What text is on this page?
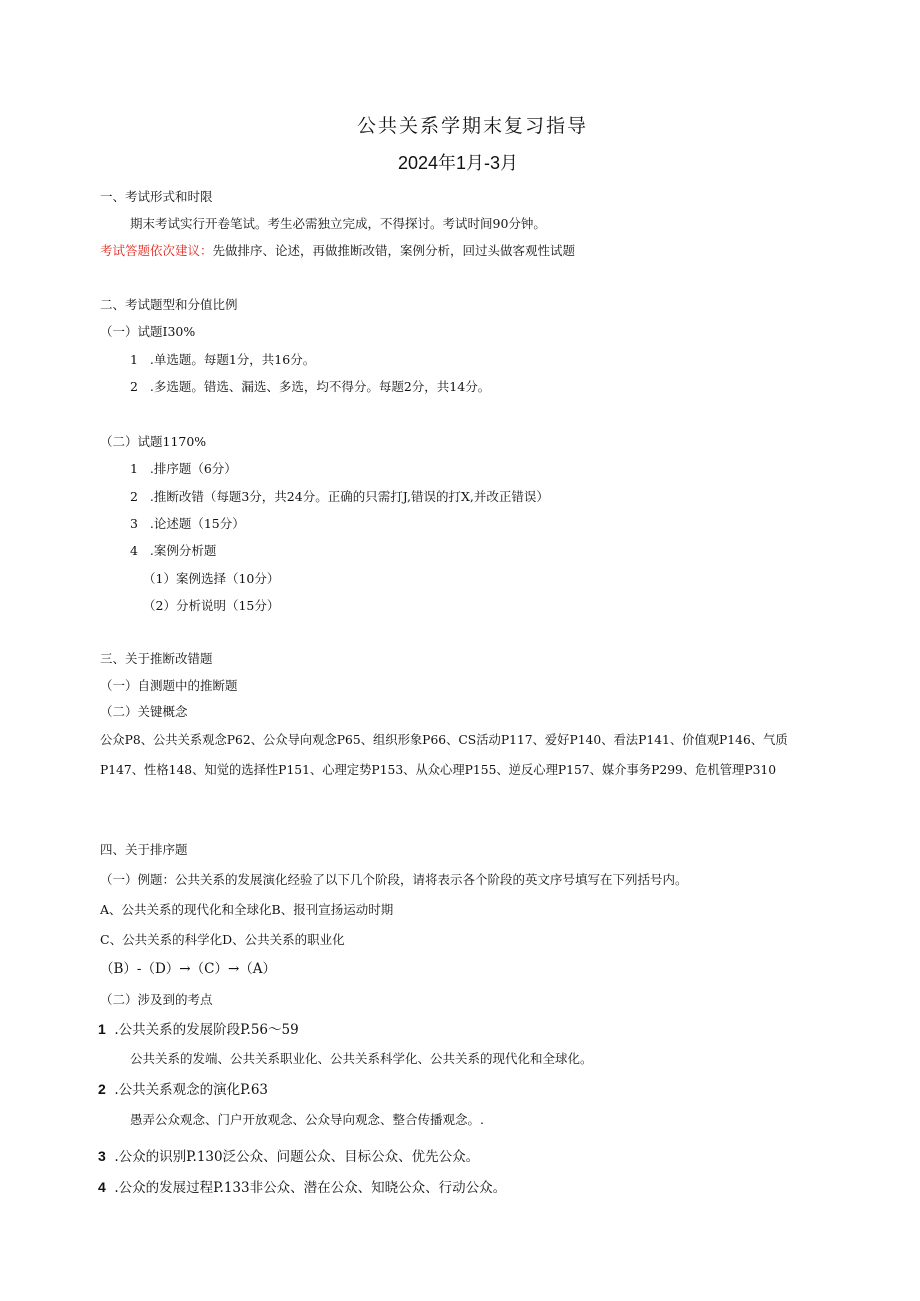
公共关系学期末复习指导
2024年1月-3月
一、考试形式和时限
期末考试实行开卷笔试。考生必需独立完成，不得探讨。考试时间90分钟。
考试答题依次建议：先做排序、论述，再做推断改错，案例分析，回过头做客观性试题
二、考试题型和分值比例
（一）试题I30%
1 .单选题。每题1分，共16分。
2 .多选题。错选、漏选、多选，均不得分。每题2分，共14分。
（二）试题1170%
1 .排序题（6分）
2 .推断改错（每题3分，共24分。正确的只需打J,错误的打X,并改正错误）
3 .论述题（15分）
4 .案例分析题
（1）案例选择（10分）
（2）分析说明（15分）
三、关于推断改错题
（一）自测题中的推断题
（二）关键概念
公众P8、公共关系观念P62、公众导向观念P65、组织形象P66、CS活动P117、爱好P140、看法P141、价值观P146、气质
P147、性格148、知觉的选择性P151、心理定势P153、从众心理P155、逆反心理P157、媒介事务P299、危机管理P310
四、关于排序题
（一）例题：公共关系的发展演化经验了以下几个阶段，请将表示各个阶段的英文序号填写在下列括号内。
A、公共关系的现代化和全球化B、报刊宣扬运动时期
C、公共关系的科学化D、公共关系的职业化
（B）-（D）→（C）→（A）
（二）涉及到的考点
1 .公共关系的发展阶段P.56～59
公共关系的发端、公共关系职业化、公共关系科学化、公共关系的现代化和全球化。
2 .公共关系观念的演化P.63
愚弄公众观念、门户开放观念、公众导向观念、整合传播观念。.
3 .公众的识别P.130泛公众、问题公众、目标公众、优先公众。
4 .公众的发展过程P.133非公众、潜在公众、知晓公众、行动公众。
